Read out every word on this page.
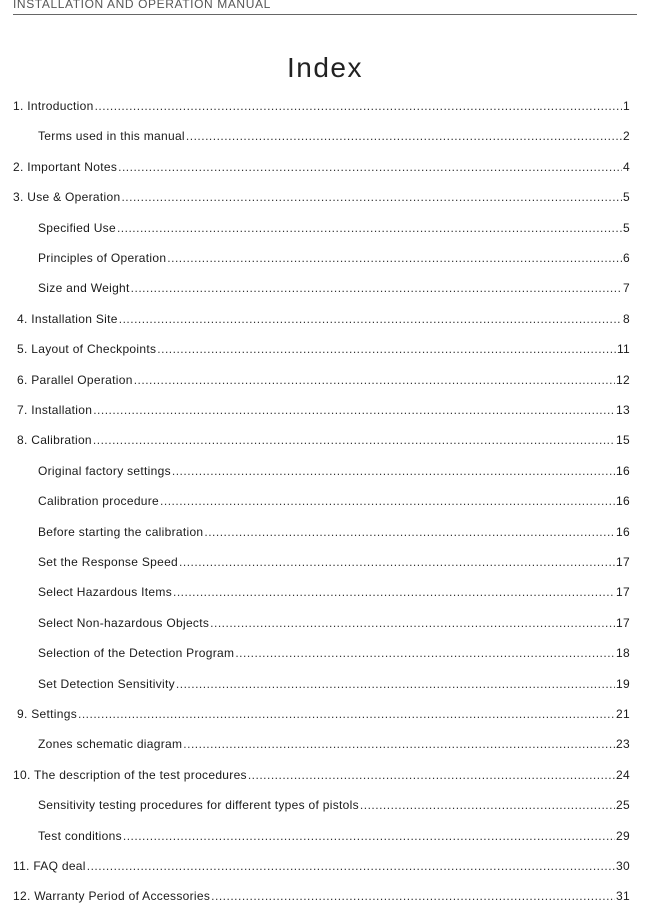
INSTALLATION AND OPERATION MANUAL
Index
1. Introduction .....	1
Terms used in this manual .....	2
2. Important Notes .....	4
3. Use & Operation .....	5
Specified Use .....	5
Principles of Operation .....	6
Size and Weight .....	7
4. Installation Site .....	8
5. Layout of Checkpoints .....	11
6. Parallel Operation .....	12
7. Installation .....	13
8. Calibration .....	15
Original factory settings .....	16
Calibration procedure .....	16
Before starting the calibration .....	16
Set the Response Speed .....	17
Select Hazardous Items .....	17
Select Non-hazardous Objects .....	17
Selection of the Detection Program .....	18
Set Detection Sensitivity .....	19
9. Settings .....	21
Zones schematic diagram .....	23
10. The description of the test procedures .....	24
Sensitivity testing procedures for different types of pistols .....	25
Test conditions .....	29
11. FAQ deal .....	30
12. Warranty Period of Accessories .....	31
